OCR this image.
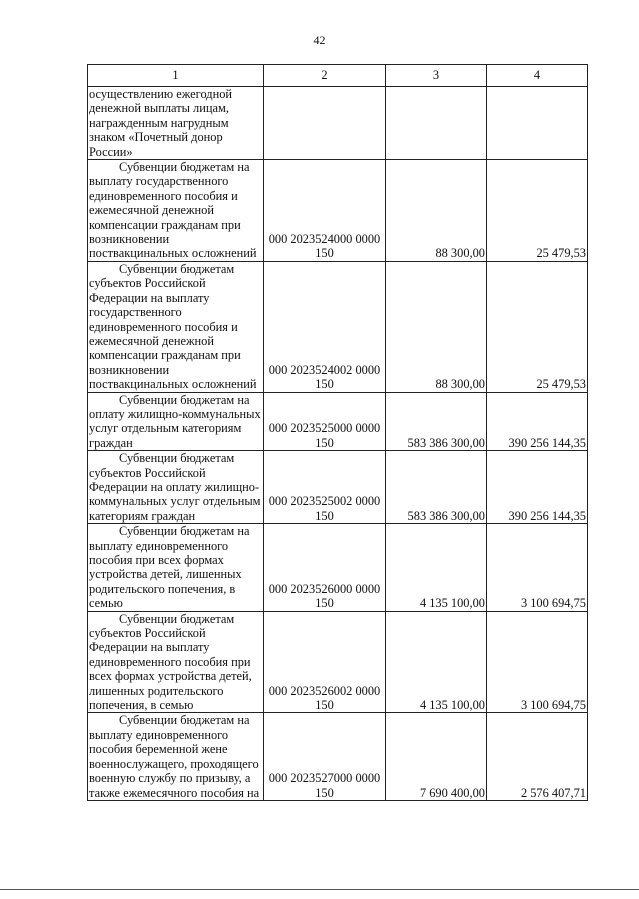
42
1	2	3	4

осуществлению ежегодной денежной выплаты лицам, награжденным нагрудным знаком «Почетный донор России»			

Субвенции бюджетам на выплату государственного единовременного пособия и ежемесячной денежной компенсации гражданам при возникновении поствакцинальных осложнений	000 2023524000 0000 150	88 300,00	25 479,53

Субвенции бюджетам субъектов Российской Федерации на выплату государственного единовременного пособия и ежемесячной денежной компенсации гражданам при возникновении поствакцинальных осложнений	000 2023524002 0000 150	88 300,00	25 479,53

Субвенции бюджетам на оплату жилищно-коммунальных услуг отдельным категориям граждан	000 2023525000 0000 150	583 386 300,00	390 256 144,35

Субвенции бюджетам субъектов Российской Федерации на оплату жилищно-коммунальных услуг отдельным категориям граждан	000 2023525002 0000 150	583 386 300,00	390 256 144,35

Субвенции бюджетам на выплату единовременного пособия при всех формах устройства детей, лишенных родительского попечения, в семью	000 2023526000 0000 150	4 135 100,00	3 100 694,75

Субвенции бюджетам субъектов Российской Федерации на выплату единовременного пособия при всех формах устройства детей, лишенных родительского попечения, в семью	000 2023526002 0000 150	4 135 100,00	3 100 694,75

Субвенции бюджетам на выплату единовременного пособия беременной жене военнослужащего, проходящего военную службу по призыву, а также ежемесячного пособия на	000 2023527000 0000 150	7 690 400,00	2 576 407,71
